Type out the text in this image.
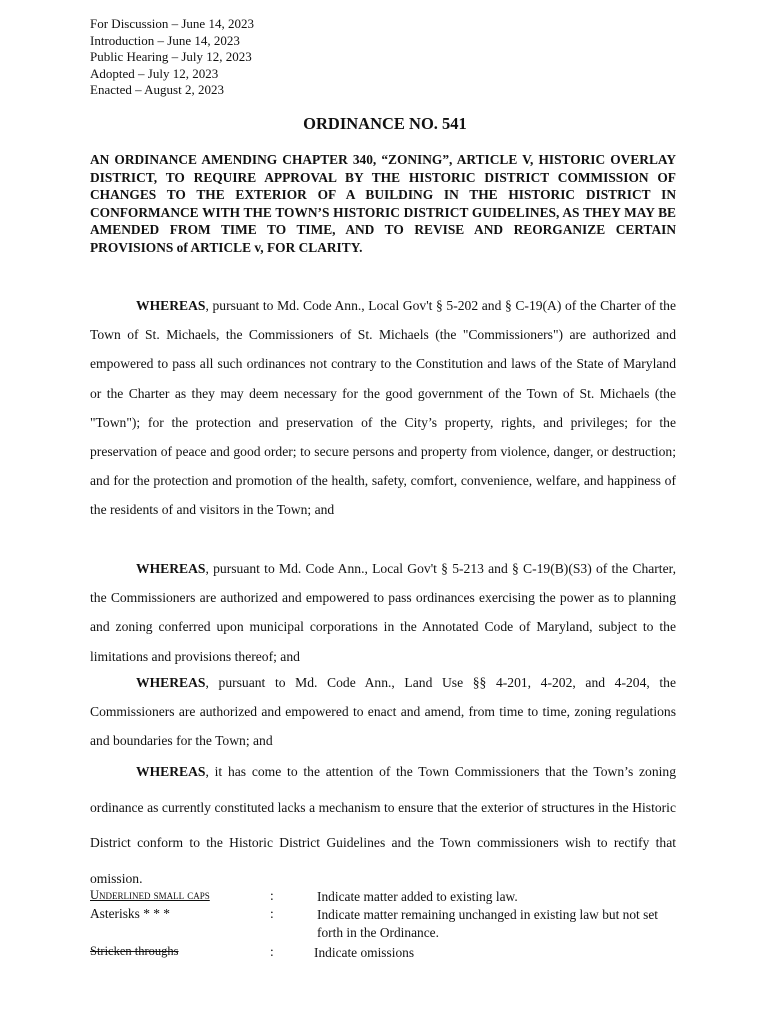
For Discussion – June 14, 2023
Introduction – June 14, 2023
Public Hearing – July 12, 2023
Adopted – July 12, 2023
Enacted – August 2, 2023
ORDINANCE NO. 541
AN ORDINANCE AMENDING CHAPTER 340, “ZONING”, ARTICLE V, HISTORIC OVERLAY DISTRICT, TO REQUIRE APPROVAL BY THE HISTORIC DISTRICT COMMISSION OF CHANGES TO THE EXTERIOR OF A BUILDING IN THE HISTORIC DISTRICT IN CONFORMANCE WITH THE TOWN’S HISTORIC DISTRICT GUIDELINES, AS THEY MAY BE AMENDED FROM TIME TO TIME, AND TO REVISE AND REORGANIZE CERTAIN PROVISIONS of ARTICLE v, FOR CLARITY.
WHEREAS, pursuant to Md. Code Ann., Local Gov't § 5-202 and § C-19(A) of the Charter of the Town of St. Michaels, the Commissioners of St. Michaels (the "Commissioners") are authorized and empowered to pass all such ordinances not contrary to the Constitution and laws of the State of Maryland or the Charter as they may deem necessary for the good government of the Town of St. Michaels (the "Town"); for the protection and preservation of the City’s property, rights, and privileges; for the preservation of peace and good order; to secure persons and property from violence, danger, or destruction; and for the protection and promotion of the health, safety, comfort, convenience, welfare, and happiness of the residents of and visitors in the Town; and
WHEREAS, pursuant to Md. Code Ann., Local Gov't § 5-213 and § C-19(B)(S3) of the Charter, the Commissioners are authorized and empowered to pass ordinances exercising the power as to planning and zoning conferred upon municipal corporations in the Annotated Code of Maryland, subject to the limitations and provisions thereof; and
WHEREAS, pursuant to Md. Code Ann., Land Use §§ 4-201, 4-202, and 4-204, the Commissioners are authorized and empowered to enact and amend, from time to time, zoning regulations and boundaries for the Town; and
WHEREAS, it has come to the attention of the Town Commissioners that the Town’s zoning ordinance as currently constituted lacks a mechanism to ensure that the exterior of structures in the Historic District conform to the Historic District Guidelines and the Town commissioners wish to rectify that omission.
Underlined small caps	:	Indicate matter added to existing law.
Asterisks * * *	:	Indicate matter remaining unchanged in existing law but not set forth in the Ordinance.
Stricken throughs	:	Indicate omissions
